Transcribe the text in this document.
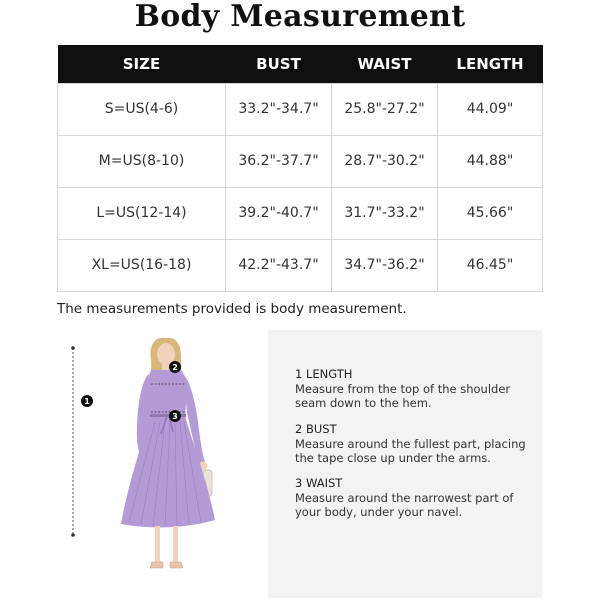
Body Measurement
SIZE	BUST	WAIST	LENGTH
S=US(4-6)	33.2"-34.7"	25.8"-27.2"	44.09"
M=US(8-10)	36.2"-37.7"	28.7"-30.2"	44.88"
L=US(12-14)	39.2"-40.7"	31.7"-33.2"	45.66"
XL=US(16-18)	42.2"-43.7"	34.7"-36.2"	46.45"
The measurements provided is body measurement.
1
2
3
1 LENGTH
Measure from the top of the shoulder seam down to the hem.
2 BUST
Measure around the fullest part, placing the tape close up under the arms.
3 WAIST
Measure around the narrowest part of your body, under your navel.
